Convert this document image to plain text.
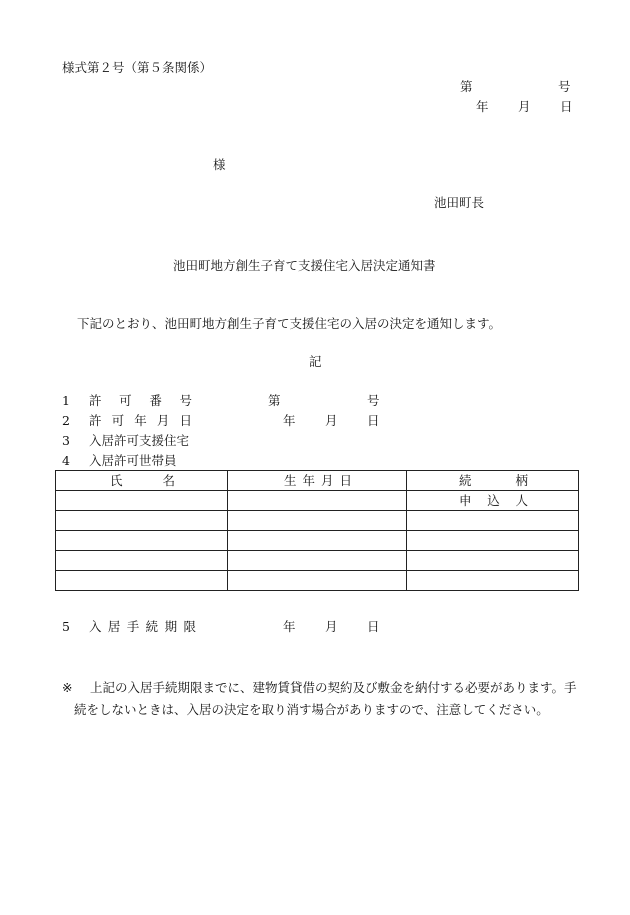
様式第２号（第５条関係）
第	号
年 月 日
様
池田町長
池田町地方創生子育て支援住宅入居決定通知書
下記のとおり、池田町地方創生子育て支援住宅の入居の決定を通知します。
記
1 許 可 番 号	第	号
2 許 可 年 月 日	年 月 日
3 入居許可支援住宅
4 入居許可世帯員
氏 名	生 年 月 日	続 柄

		申 込 人

5 入 居 手 続 期 限	年 月 日
※	上記の入居手続期限までに、建物賃貸借の契約及び敷金を納付する必要があります。手続をしないときは、入居の決定を取り消す場合がありますので、注意してください。
